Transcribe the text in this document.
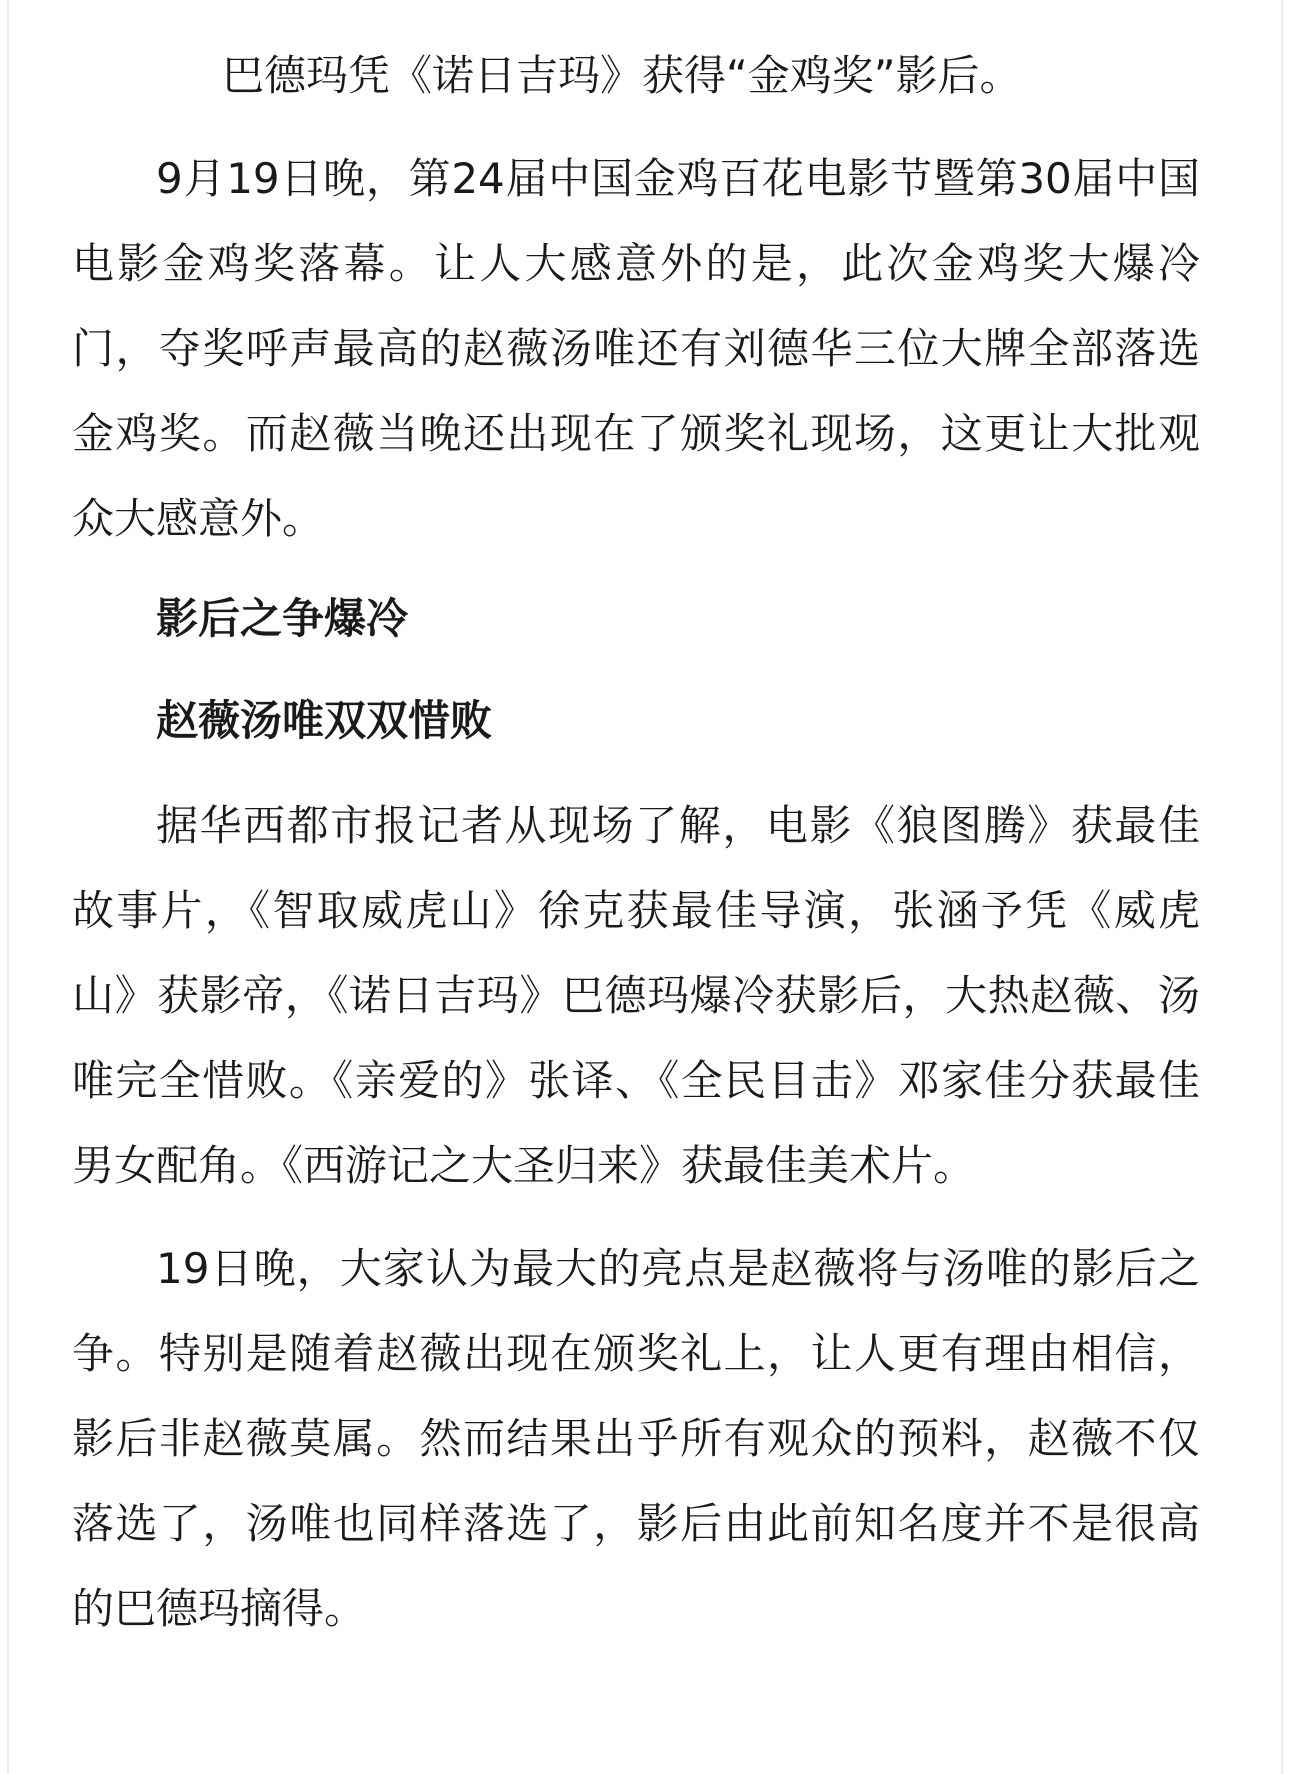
巴德玛凭《诺日吉玛》获得“金鸡奖”影后。

9月19日晚，第24届中国金鸡百花电影节暨第30届中国电影金鸡奖落幕。让人大感意外的是，此次金鸡奖大爆冷门，夺奖呼声最高的赵薇汤唯还有刘德华三位大牌全部落选金鸡奖。而赵薇当晚还出现在了颁奖礼现场，这更让大批观众大感意外。

影后之争爆冷

赵薇汤唯双双惜败

据华西都市报记者从现场了解，电影《狼图腾》获最佳故事片，《智取威虎山》徐克获最佳导演，张涵予凭《威虎山》获影帝，《诺日吉玛》巴德玛爆冷获影后，大热赵薇、汤唯完全惜败。《亲爱的》张译、《全民目击》邓家佳分获最佳男女配角。《西游记之大圣归来》获最佳美术片。

19日晚，大家认为最大的亮点是赵薇将与汤唯的影后之争。特别是随着赵薇出现在颁奖礼上，让人更有理由相信，影后非赵薇莫属。然而结果出乎所有观众的预料，赵薇不仅落选了，汤唯也同样落选了，影后由此前知名度并不是很高的巴德玛摘得。
